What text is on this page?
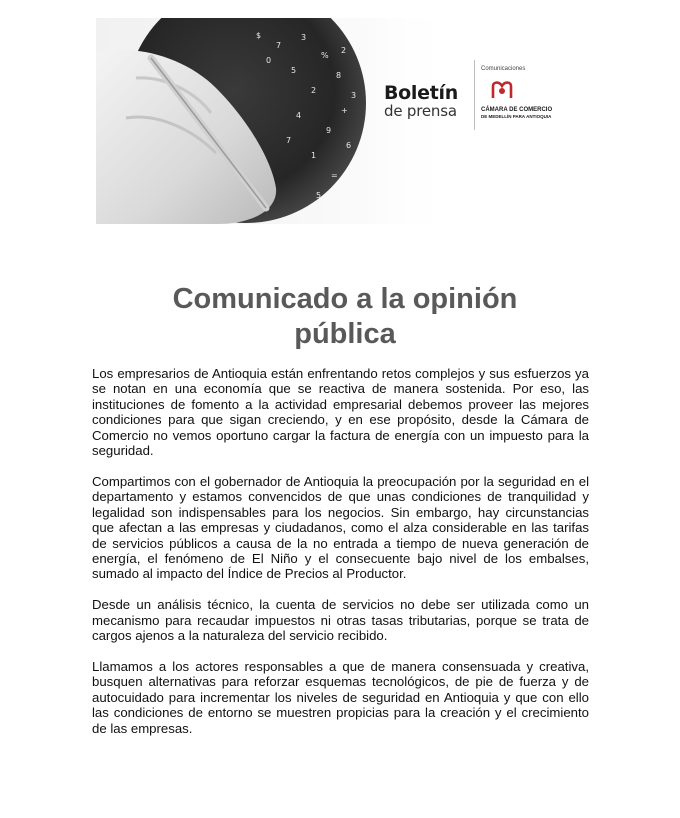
7
3
%
5
8
2
+
9
4
6
1
=
0
3
7
5
$
2
Boletín
de prensa
Comunicaciones
CÁMARA DE COMERCIO
DE MEDELLÍN PARA ANTIOQUIA
Comunicado a la opinión
pública

Los empresarios de Antioquia están enfrentando retos complejos y sus esfuerzos ya se notan en una economía que se reactiva de manera sostenida. Por eso, las instituciones de fomento a la actividad empresarial debemos proveer las mejores condiciones para que sigan creciendo, y en ese propósito, desde la Cámara de Comercio no vemos oportuno cargar la factura de energía con un impuesto para la seguridad.

Compartimos con el gobernador de Antioquia la preocupación por la seguridad en el departamento y estamos convencidos de que unas condiciones de tranquilidad y legalidad son indispensables para los negocios. Sin embargo, hay circunstancias que afectan a las empresas y ciudadanos, como el alza considerable en las tarifas de servicios públicos a causa de la no entrada a tiempo de nueva generación de energía, el fenómeno de El Niño y el consecuente bajo nivel de los embalses, sumado al impacto del Índice de Precios al Productor.

Desde un análisis técnico, la cuenta de servicios no debe ser utilizada como un mecanismo para recaudar impuestos ni otras tasas tributarias, porque se trata de cargos ajenos a la naturaleza del servicio recibido.

Llamamos a los actores responsables a que de manera consensuada y creativa, busquen alternativas para reforzar esquemas tecnológicos, de pie de fuerza y de autocuidado para incrementar los niveles de seguridad en Antioquia y que con ello las condiciones de entorno se muestren propicias para la creación y el crecimiento de las empresas.
